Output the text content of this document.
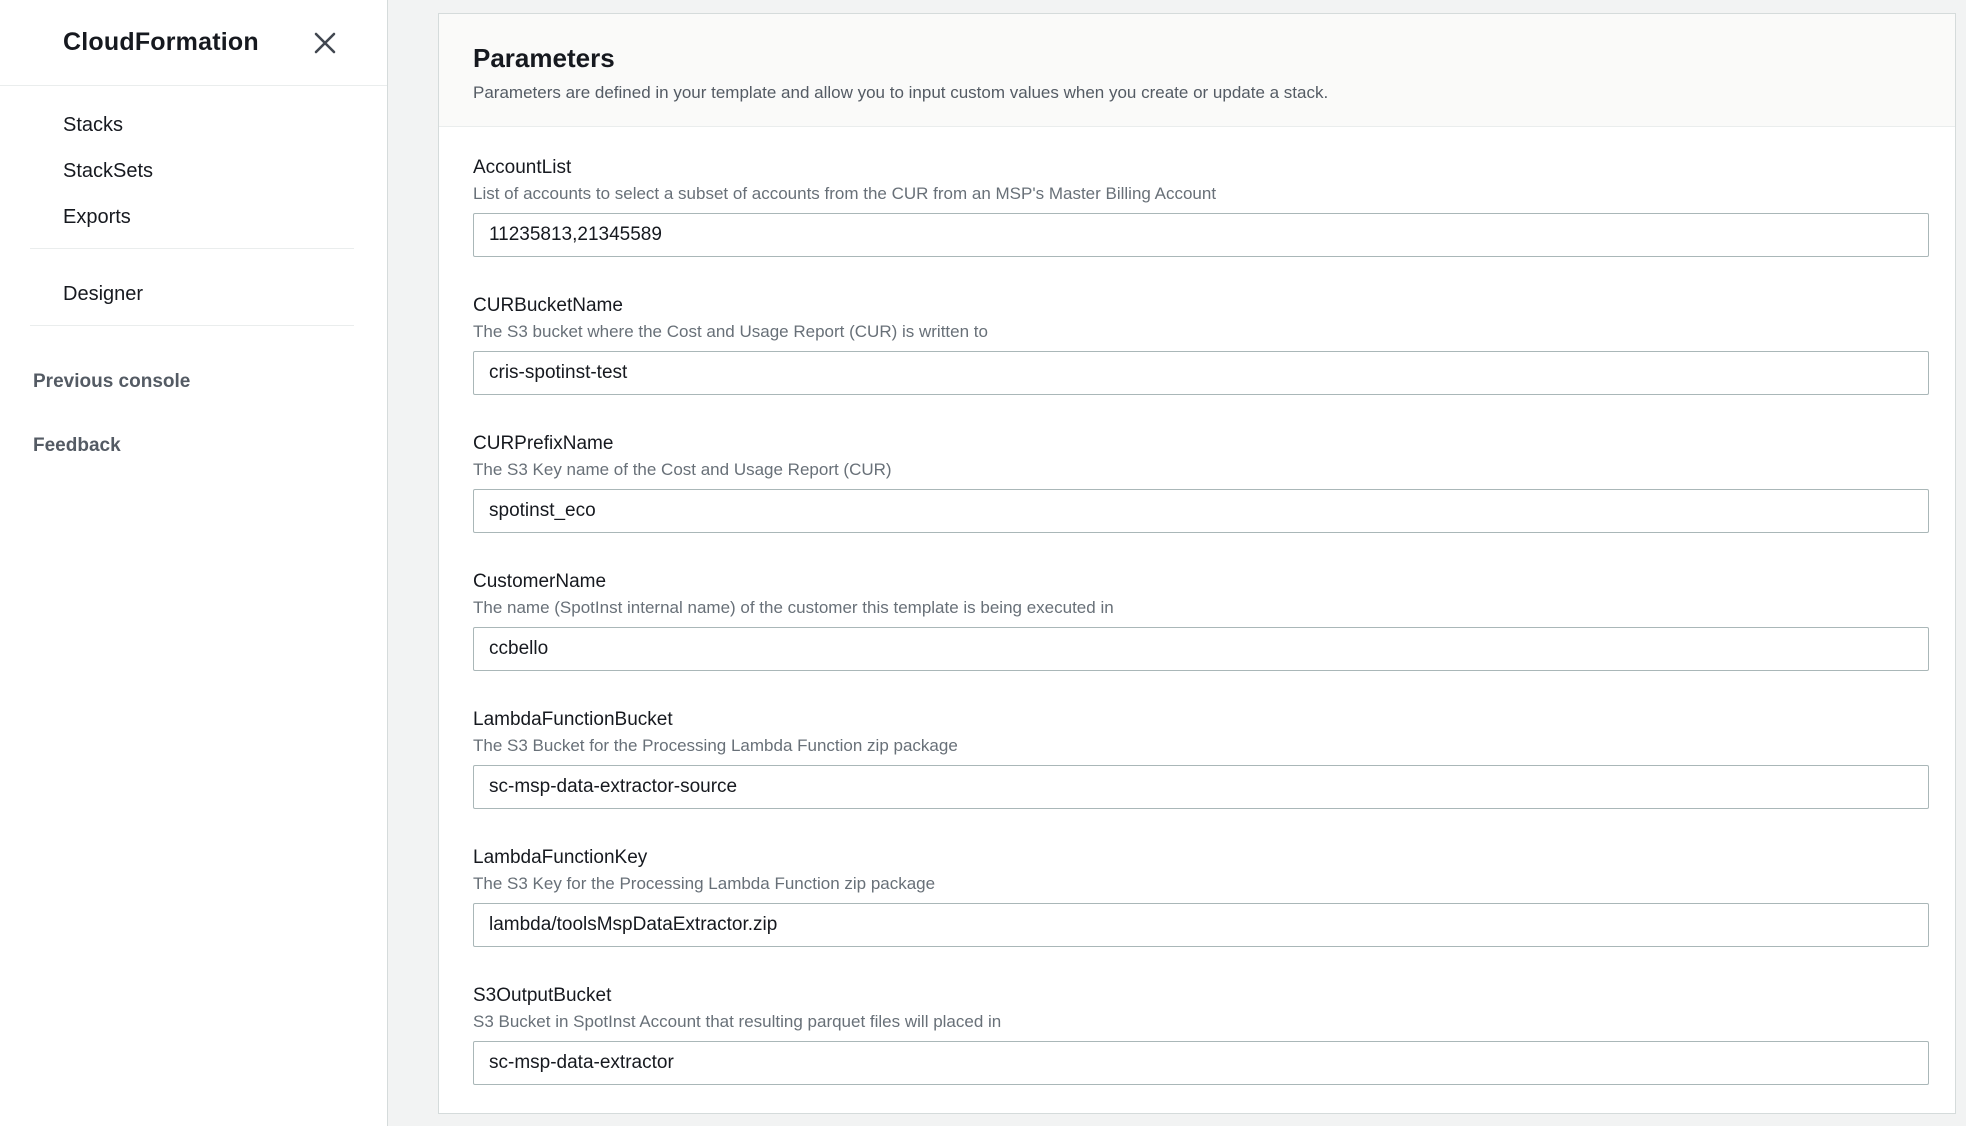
CloudFormation
Stacks
StackSets
Exports
Designer
Previous console
Feedback
Parameters

Parameters are defined in your template and allow you to input custom values when you create or update a stack.

AccountList
List of accounts to select a subset of accounts from the CUR from an MSP's Master Billing Account
11235813,21345589
CURBucketName
The S3 bucket where the Cost and Usage Report (CUR) is written to
cris-spotinst-test
CURPrefixName
The S3 Key name of the Cost and Usage Report (CUR)
spotinst_eco
CustomerName
The name (SpotInst internal name) of the customer this template is being executed in
ccbello
LambdaFunctionBucket
The S3 Bucket for the Processing Lambda Function zip package
sc-msp-data-extractor-source
LambdaFunctionKey
The S3 Key for the Processing Lambda Function zip package
lambda/toolsMspDataExtractor.zip
S3OutputBucket
S3 Bucket in SpotInst Account that resulting parquet files will placed in
sc-msp-data-extractor
